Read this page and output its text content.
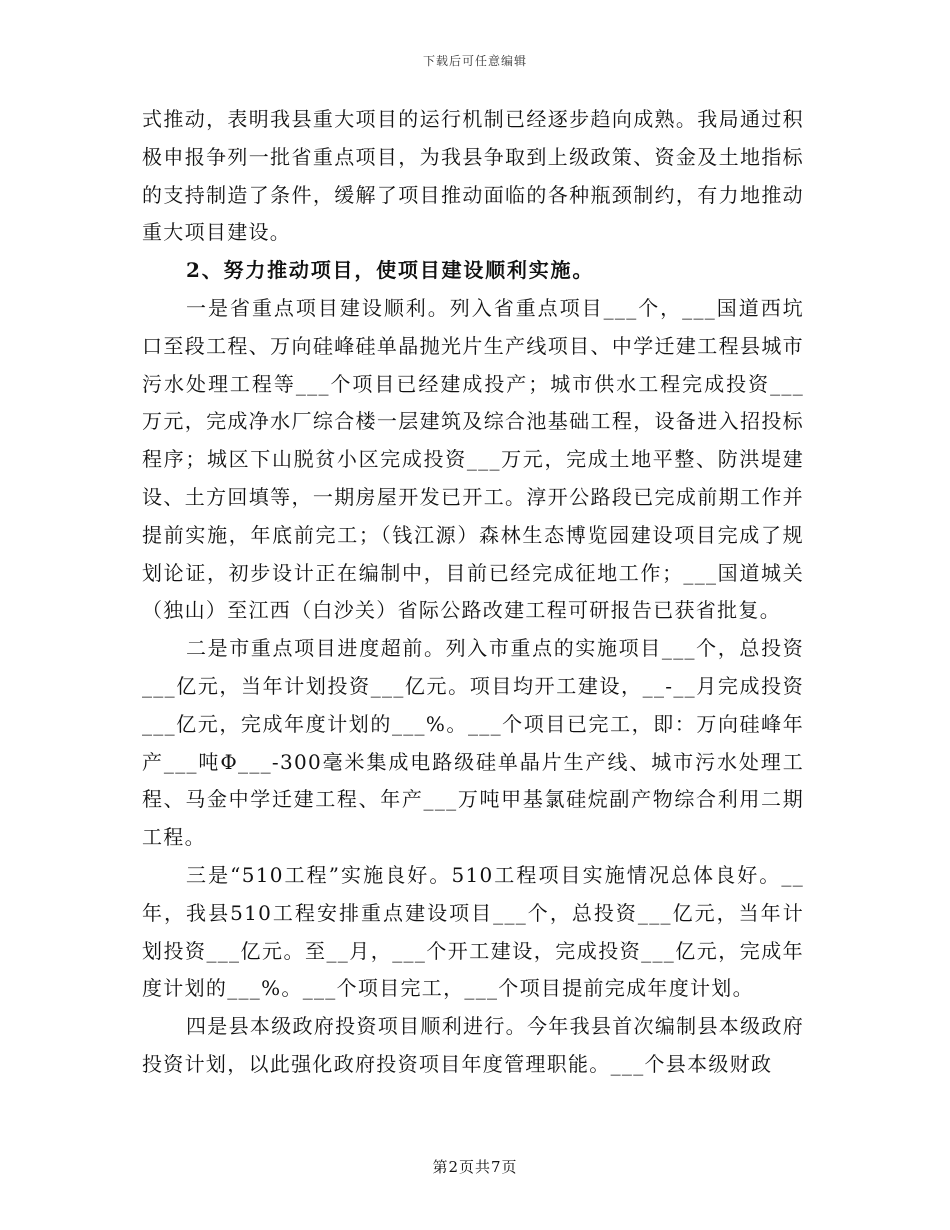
下载后可任意编辑

式推动，表明我县重大项目的运行机制已经逐步趋向成熟。我局通过积极申报争列一批省重点项目，为我县争取到上级政策、资金及土地指标的支持制造了条件，缓解了项目推动面临的各种瓶颈制约，有力地推动重大项目建设。

2、努力推动项目，使项目建设顺利实施。

一是省重点项目建设顺利。列入省重点项目___个，___国道西坑口至段工程、万向硅峰硅单晶抛光片生产线项目、中学迁建工程县城市污水处理工程等___个项目已经建成投产；城市供水工程完成投资___万元，完成净水厂综合楼一层建筑及综合池基础工程，设备进入招投标程序；城区下山脱贫小区完成投资___万元，完成土地平整、防洪堤建设、土方回填等，一期房屋开发已开工。淳开公路段已完成前期工作并提前实施，年底前完工；（钱江源）森林生态博览园建设项目完成了规划论证，初步设计正在编制中，目前已经完成征地工作；___国道城关（独山）至江西（白沙关）省际公路改建工程可研报告已获省批复。

二是市重点项目进度超前。列入市重点的实施项目___个，总投资___亿元，当年计划投资___亿元。项目均开工建设，__-__月完成投资___亿元，完成年度计划的___%。___个项目已完工，即：万向硅峰年产___吨Φ___-300毫米集成电路级硅单晶片生产线、城市污水处理工程、马金中学迁建工程、年产___万吨甲基氯硅烷副产物综合利用二期工程。

三是“510工程”实施良好。510工程项目实施情况总体良好。__年，我县510工程安排重点建设项目___个，总投资___亿元，当年计划投资___亿元。至__月，___个开工建设，完成投资___亿元，完成年度计划的___%。___个项目完工，___个项目提前完成年度计划。

四是县本级政府投资项目顺利进行。今年我县首次编制县本级政府投资计划，以此强化政府投资项目年度管理职能。___个县本级财政

第2页共7页
